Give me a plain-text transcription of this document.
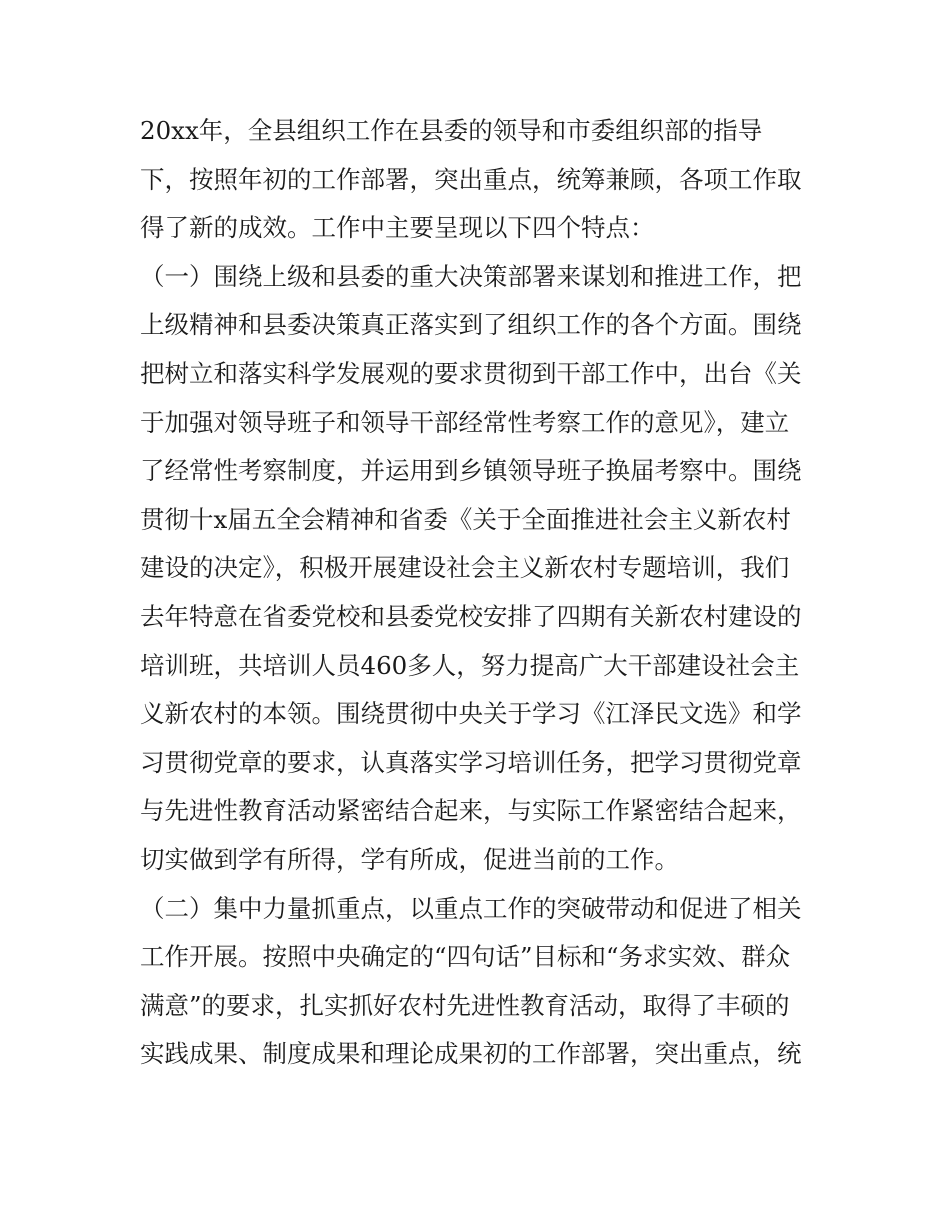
20xx年，全县组织工作在县委的领导和市委组织部的指导
下，按照年初的工作部署，突出重点，统筹兼顾，各项工作取
得了新的成效。工作中主要呈现以下四个特点：
（一）围绕上级和县委的重大决策部署来谋划和推进工作，把
上级精神和县委决策真正落实到了组织工作的各个方面。围绕
把树立和落实科学发展观的要求贯彻到干部工作中，出台《关
于加强对领导班子和领导干部经常性考察工作的意见》，建立
了经常性考察制度，并运用到乡镇领导班子换届考察中。围绕
贯彻十x届五全会精神和省委《关于全面推进社会主义新农村
建设的决定》，积极开展建设社会主义新农村专题培训，我们
去年特意在省委党校和县委党校安排了四期有关新农村建设的
培训班，共培训人员460多人，努力提高广大干部建设社会主
义新农村的本领。围绕贯彻中央关于学习《江泽民文选》和学
习贯彻党章的要求，认真落实学习培训任务，把学习贯彻党章
与先进性教育活动紧密结合起来，与实际工作紧密结合起来，
切实做到学有所得，学有所成，促进当前的工作。
（二）集中力量抓重点，以重点工作的突破带动和促进了相关
工作开展。按照中央确定的“四句话”目标和“务求实效、群众
满意”的要求，扎实抓好农村先进性教育活动，取得了丰硕的
实践成果、制度成果和理论成果初的工作部署，突出重点，统
